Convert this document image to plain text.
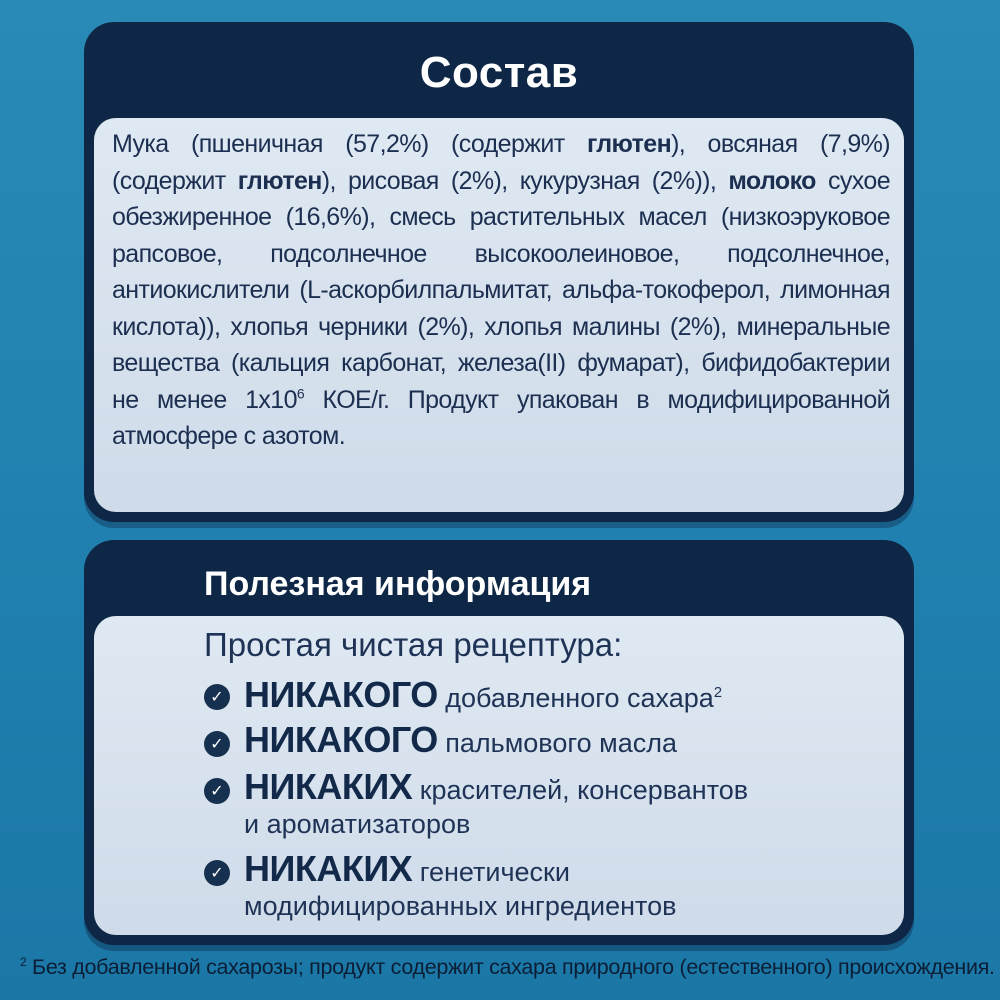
Состав
Мука (пшеничная (57,2%) (содержит глютен), овсяная (7,9%) (содержит глютен), рисовая (2%), кукурузная (2%)), молоко сухое обезжиренное (16,6%), смесь растительных масел (низкоэруковое рапсовое, подсолнечное высокоолеиновое, подсолнечное, антиокислители (L-аскорбилпальмитат, альфа-токоферол, лимонная кислота)), хлопья черники (2%), хлопья малины (2%), минеральные вещества (кальция карбонат, железа(II) фумарат), бифидобактерии не менее $1х10^6$ КОЕ/г. Продукт упакован в модифицированной атмосфере с азотом.
Полезная информация
Простая чистая рецептура:
✓ НИКАКОГО добавленного сахара$^2$
✓ НИКАКОГО пальмового масла
✓ НИКАКИХ красителей, консервантов и ароматизаторов
✓ НИКАКИХ генетически модифицированных ингредиентов
$^2$ Без добавленной сахарозы; продукт содержит сахара природного (естественного) происхождения.
